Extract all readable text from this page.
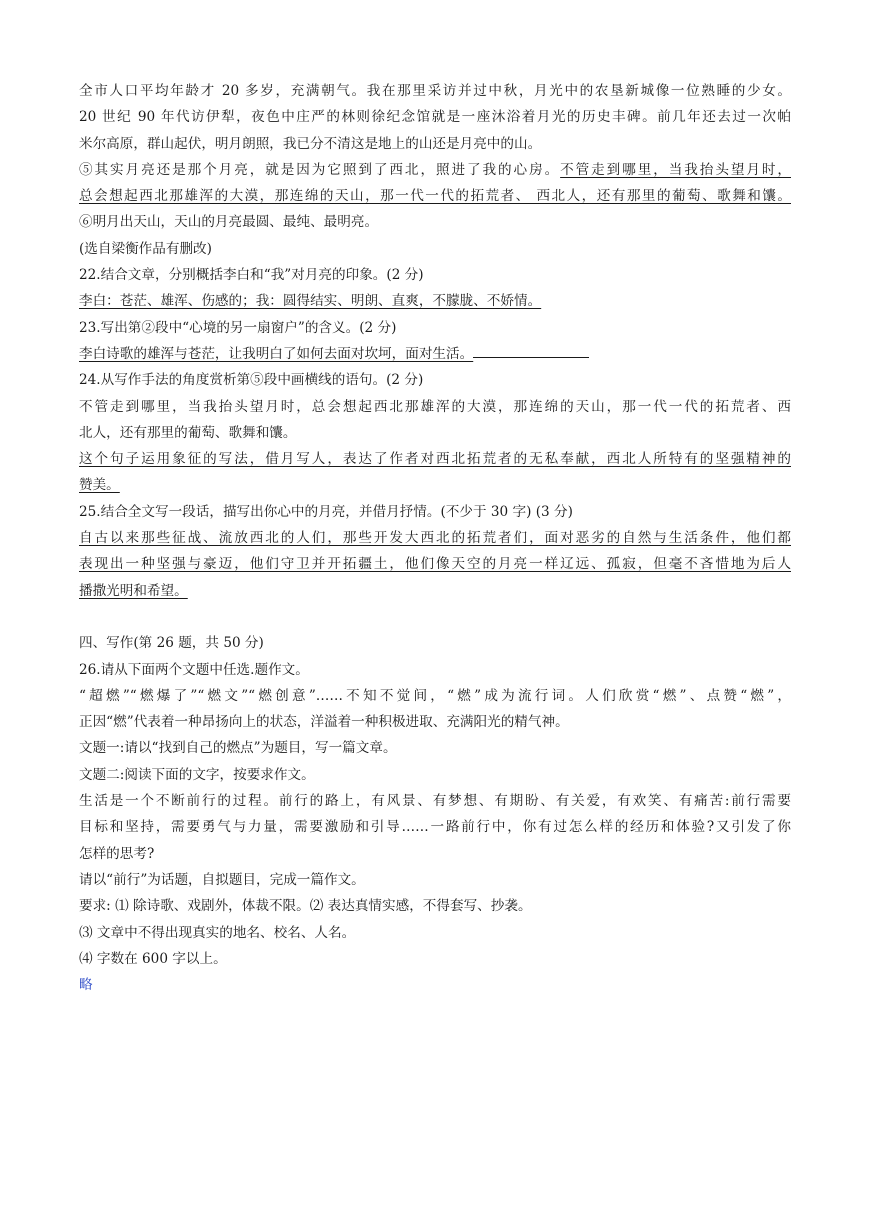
全市人口平均年龄才 20 多岁，充满朝气。我在那里采访并过中秋，月光中的农垦新城像一位熟睡的少女。
20 世纪 90 年代访伊犁，夜色中庄严的林则徐纪念馆就是一座沐浴着月光的历史丰碑。前几年还去过一次帕
米尔高原，群山起伏，明月朗照，我已分不清这是地上的山还是月亮中的山。
⑤其实月亮还是那个月亮，就是因为它照到了西北，照进了我的心房。不管走到哪里，当我抬头望月时，
总会想起西北那雄浑的大漠，那连绵的天山，那一代一代的拓荒者、 西北人，还有那里的葡萄、歌舞和馕。
⑥明月出天山，天山的月亮最圆、最纯、最明亮。
(选自梁衡作品有删改)
22.结合文章，分别概括李白和“我”对月亮的印象。(2 分)
李白：苍茫、雄浑、伤感的；我：圆得结实、明朗、直爽，不朦胧、不娇情。
23.写出第②段中“心境的另一扇窗户”的含义。(2 分)
李白诗歌的雄浑与苍茫，让我明白了如何去面对坎坷，面对生活。
24.从写作手法的角度赏析第⑤段中画横线的语句。(2 分)
不管走到哪里，当我抬头望月时，总会想起西北那雄浑的大漠，那连绵的天山，那一代一代的拓荒者、西
北人，还有那里的葡萄、歌舞和馕。
这个句子运用象征的写法，借月写人，表达了作者对西北拓荒者的无私奉献，西北人所特有的坚强精神的
赞美。
25.结合全文写一段话，描写出你心中的月亮，并借月抒情。(不少于 30 字) (3 分)
自古以来那些征战、流放西北的人们，那些开发大西北的拓荒者们，面对恶劣的自然与生活条件，他们都
表现出一种坚强与豪迈，他们守卫并开拓疆土，他们像天空的月亮一样辽远、孤寂，但毫不吝惜地为后人
播撒光明和希望。
四、写作(第 26 题，共 50 分)
26.请从下面两个文题中任选.题作文。
“超燃”“燃爆了”“燃文”“燃创意”……不知不觉间，“燃”成为流行词。人们欣赏“燃”、点赞“燃”，
正因“燃”代表着一种昂扬向上的状态，洋溢着一种积极进取、充满阳光的精气神。
文题一:请以“找到自己的燃点”为题目，写一篇文章。
文题二:阅读下面的文字，按要求作文。
生活是一个不断前行的过程。前行的路上，有风景、有梦想、有期盼、有关爱，有欢笑、有痛苦:前行需要
目标和坚持，需要勇气与力量，需要激励和引导……一路前行中，你有过怎么样的经历和体验?又引发了你
怎样的思考?
请以“前行”为话题，自拟题目，完成一篇作文。
要求: ⑴ 除诗歌、戏剧外，体裁不限。⑵ 表达真情实感，不得套写、抄袭。
⑶ 文章中不得出现真实的地名、校名、人名。
⑷ 字数在 600 字以上。
略
